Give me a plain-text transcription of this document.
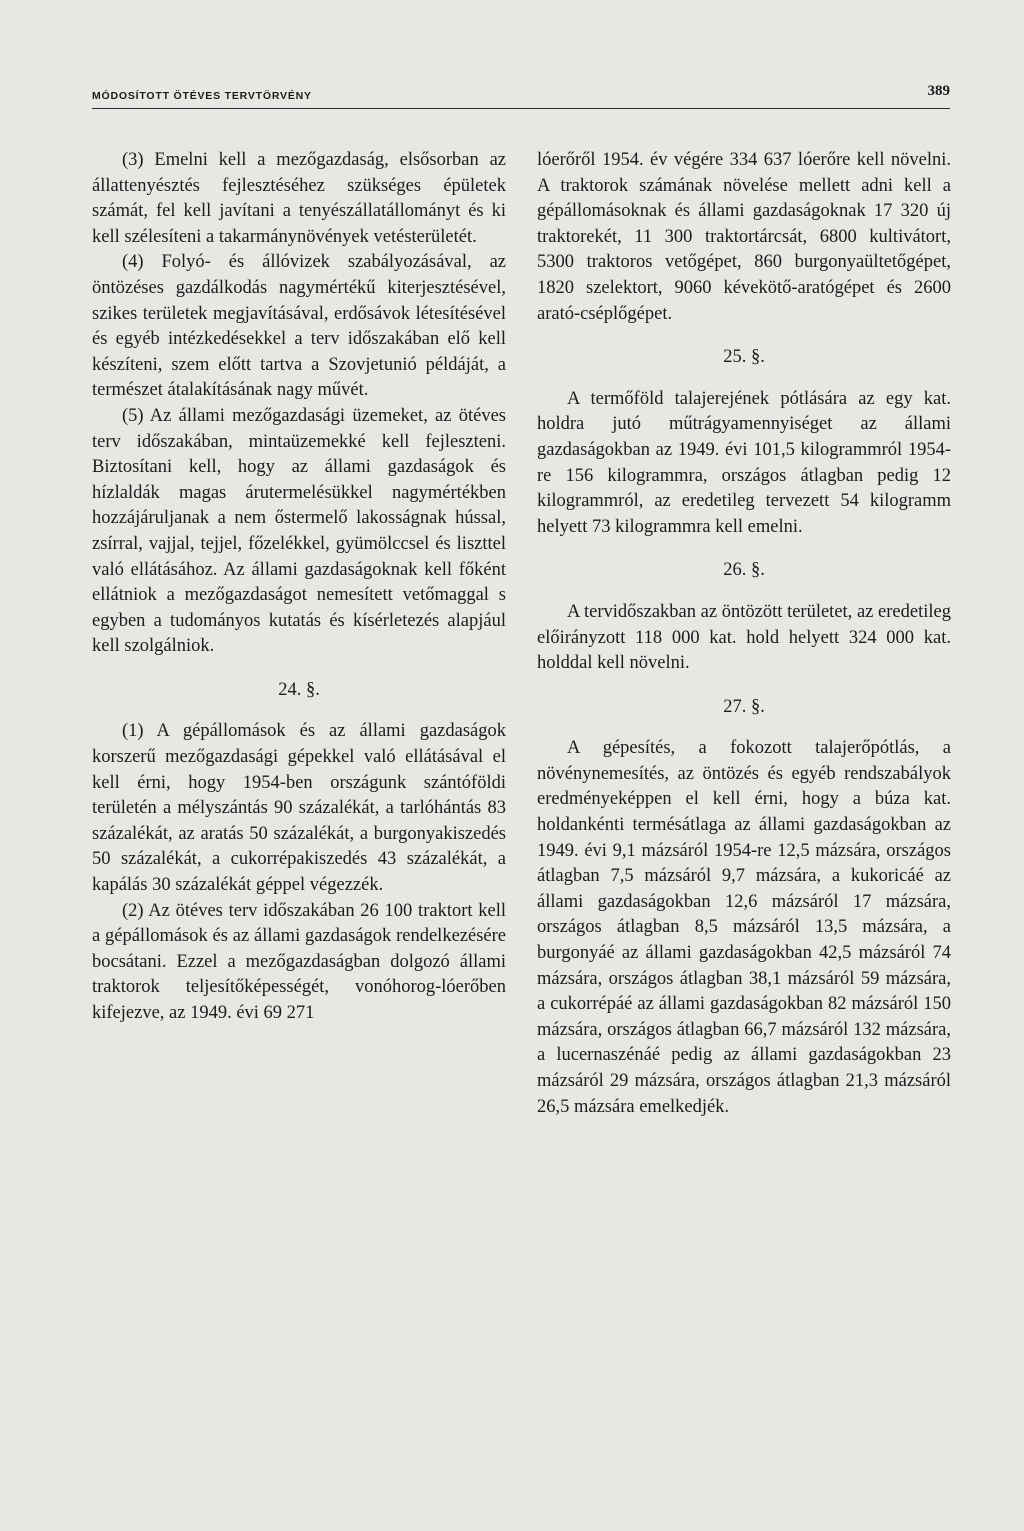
MÓDOSÍTOTT ÖTÉVES TERVTÖRVÉNY	389

(3) Emelni kell a mezőgazdaság, elsősorban az állattenyésztés fejlesztéséhez szükséges épületek számát, fel kell javítani a tenyészállatállományt és ki kell szélesíteni a takarmánynövények vetésterületét.

(4) Folyó- és állóvizek szabályozásával, az öntözéses gazdálkodás nagymértékű kiterjesztésével, szikes területek megjavításával, erdősávok létesítésével és egyéb intézkedésekkel a terv időszakában elő kell készíteni, szem előtt tartva a Szovjetunió példáját, a természet átalakításának nagy művét.

(5) Az állami mezőgazdasági üzemeket, az ötéves terv időszakában, mintaüzemekké kell fejleszteni. Biztosítani kell, hogy az állami gazdaságok és hízlaldák magas árutermelésükkel nagymértékben hozzájáruljanak a nem őstermelő lakosságnak hússal, zsírral, vajjal, tejjel, főzelékkel, gyümölccsel és liszttel való ellátásához. Az állami gazdaságoknak kell főként ellátniok a mezőgazdaságot nemesített vetőmaggal s egyben a tudományos kutatás és kísérletezés alapjául kell szolgálniok.

24. §.

(1) A gépállomások és az állami gazdaságok korszerű mezőgazdasági gépekkel való ellátásával el kell érni, hogy 1954-ben országunk szántóföldi területén a mélyszántás 90 százalékát, a tarlóhántás 83 százalékát, az aratás 50 százalékát, a burgonyakiszedés 50 százalékát, a cukorrépakiszedés 43 százalékát, a kapálás 30 százalékát géppel végezzék.

(2) Az ötéves terv időszakában 26 100 traktort kell a gépállomások és az állami gazdaságok rendelkezésére bocsátani. Ezzel a mezőgazdaságban dolgozó állami traktorok teljesítőképességét, vonóhorog-lóerőben kifejezve, az 1949. évi 69 271

lóerőről 1954. év végére 334 637 lóerőre kell növelni. A traktorok számának növelése mellett adni kell a gépállomásoknak és állami gazdaságoknak 17 320 új traktorekét, 11 300 traktortárcsát, 6800 kultivátort, 5300 traktoros vetőgépet, 860 burgonyaültetőgépet, 1820 szelektort, 9060 kévekötő-aratógépet és 2600 arató-cséplőgépet.

25. §.

A termőföld talajerejének pótlására az egy kat. holdra jutó műtrágyamennyiséget az állami gazdaságokban az 1949. évi 101,5 kilogrammról 1954-re 156 kilogrammra, országos átlagban pedig 12 kilogrammról, az eredetileg tervezett 54 kilogramm helyett 73 kilogrammra kell emelni.

26. §.

A tervidőszakban az öntözött területet, az eredetileg előirányzott 118 000 kat. hold helyett 324 000 kat. holddal kell növelni.

27. §.

A gépesítés, a fokozott talajerőpótlás, a növénynemesítés, az öntözés és egyéb rendszabályok eredményeképpen el kell érni, hogy a búza kat. holdankénti termésátlaga az állami gazdaságokban az 1949. évi 9,1 mázsáról 1954-re 12,5 mázsára, országos átlagban 7,5 mázsáról 9,7 mázsára, a kukoricáé az állami gazdaságokban 12,6 mázsáról 17 mázsára, országos átlagban 8,5 mázsáról 13,5 mázsára, a burgonyáé az állami gazdaságokban 42,5 mázsáról 74 mázsára, országos átlagban 38,1 mázsáról 59 mázsára, a cukorrépáé az állami gazdaságokban 82 mázsáról 150 mázsára, országos átlagban 66,7 mázsáról 132 mázsára, a lucernaszénáé pedig az állami gazdaságokban 23 mázsáról 29 mázsára, országos átlagban 21,3 mázsáról 26,5 mázsára emelkedjék.
